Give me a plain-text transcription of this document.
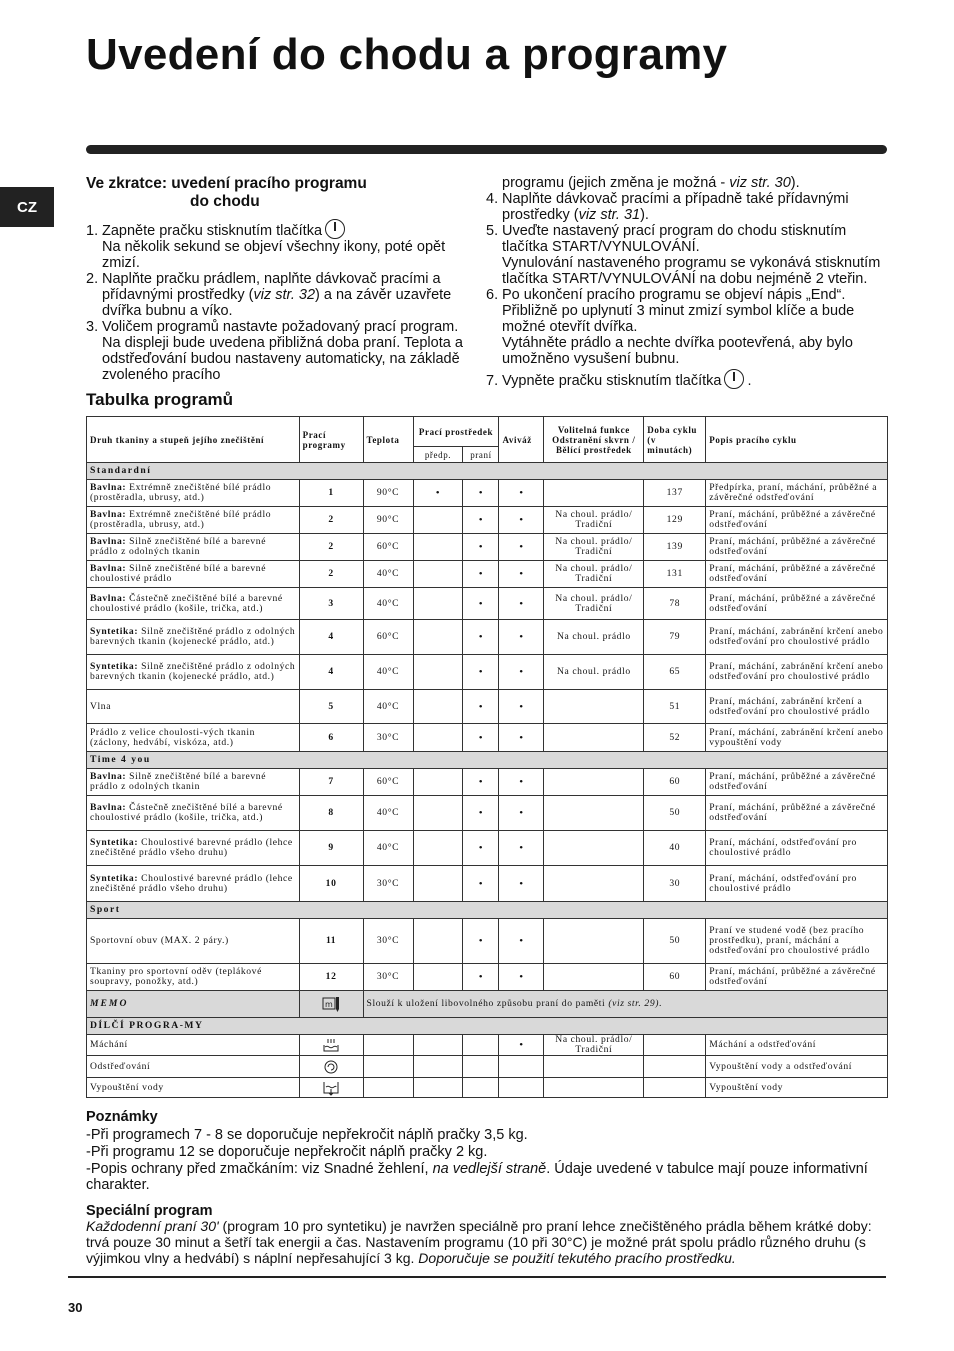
Uvedení do chodu a programy
CZ
Ve zkratce: uvedení pracího programu
do chodu
1. Zapněte pračku stisknutím tlačítka
Na několik sekund se objeví všechny ikony, poté opět zmizí.
2. Naplňte pračku prádlem, naplňte dávkovač pracími a přídavnými prostředky (viz str. 32) a na závěr uzavřete dvířka bubnu a víko.
3. Voličem programů nastavte požadovaný prací program. Na displeji bude uvedena přibližná doba praní. Teplota a odstřeďování budou nastaveny automaticky, na základě zvoleného pracího
programu (jejich změna je možná - viz str. 30).
4. Naplňte dávkovač pracími a případně také přídavnými prostředky (viz str. 31).
5. Uveďte nastavený prací program do chodu stisknutím tlačítka START/VYNULOVÁNÍ.
Vynulování nastaveného programu se vykonává stisknutím tlačítka START/VYNULOVÁNÍ na dobu nejméně 2 vteřin.
6. Po ukončení pracího programu se objeví nápis „End“. Přibližně po uplynutí 3 minut zmizí symbol klíče a bude možné otevřít dvířka.
Vytáhněte prádlo a nechte dvířka pootevřená, aby bylo umožněno vysušení bubnu.
7. Vypněte pračku stisknutím tlačítka .
Tabulka programů
Druh tkaniny a stupeň jejího znečištění	Prací programy	Teplota	Prací prostředek		Aviváž	Volitelná funkce Odstranění skvrn / Bělící prostředek	Doba cyklu (v minutách)	Popis pracího cyklu
			předp.	praní				
Standardní								
Bavlna: Extrémně znečištěné bílé prádlo (prostěradla, ubrusy, atd.)	1	90°C	•	•	•		137	Předpírka, praní, máchání, průběžné a závěrečné odstřeďování
Bavlna: Extrémně znečištěné bílé prádlo (prostěradla, ubrusy, atd.)	2	90°C		•	•	Na choul. prádlo/ Tradiční	129	Praní, máchání, průběžné a závěrečné odstřeďování
Bavlna: Silně znečištěné bílé a barevné prádlo z odolných tkanin	2	60°C		•	•	Na choul. prádlo/ Tradiční	139	Praní, máchání, průběžné a závěrečné odstřeďování
Bavlna: Silně znečištěné bílé a barevné choulostivé prádlo	2	40°C		•	•	Na choul. prádlo/ Tradiční	131	Praní, máchání, průběžné a závěrečné odstřeďování
Bavlna: Částečně znečištěné bílé a barevné choulostivé prádlo (košile, trička, atd.)	3	40°C		•	•	Na choul. prádlo/ Tradiční	78	Praní, máchání, průběžné a závěrečné odstřeďování
Syntetika: Silně znečištěné prádlo z odolných barevných tkanin (kojenecké prádlo, atd.)	4	60°C		•	•	Na choul. prádlo	79	Praní, máchání, zabránění krčení anebo odstřeďování pro choulostivé prádlo
Syntetika: Silně znečištěné prádlo z odolných barevných tkanin (kojenecké prádlo, atd.)	4	40°C		•	•	Na choul. prádlo	65	Praní, máchání, zabránění krčení anebo odstřeďování pro choulostivé prádlo
Vlna	5	40°C		•	•		51	Praní, máchání, zabránění krčení a odstřeďování pro choulostivé prádlo
Prádlo z velice choulosti-vých tkanin (záclony, hedvábí, viskóza, atd.)	6	30°C		•	•		52	Praní, máchání, zabránění krčení anebo vypouštění vody
Time 4 you								
Bavlna: Silně znečištěné bílé a barevné prádlo z odolných tkanin	7	60°C		•	•		60	Praní, máchání, průběžné a závěrečné odstřeďování
Bavlna: Částečně znečištěné bílé a barevné choulostivé prádlo (košile, trička, atd.)	8	40°C		•	•		50	Praní, máchání, průběžné a závěrečné odstřeďování
Syntetika: Choulostivé barevné prádlo (lehce znečištěné prádlo všeho druhu)	9	40°C		•	•		40	Praní, máchání, odstřeďování pro choulostivé prádlo
Syntetika: Choulostivé barevné prádlo (lehce znečištěné prádlo všeho druhu)	10	30°C		•	•		30	Praní, máchání, odstřeďování pro choulostivé prádlo
Sport								
Sportovní obuv (MAX. 2 páry.)	11	30°C		•	•		50	Praní ve studené vodě (bez pracího prostředku), praní, máchání a odstřeďování pro choulostivé prádlo
Tkaniny pro sportovní oděv (teplákové soupravy, ponožky, atd.)	12	30°C		•	•		60	Praní, máchání, průběžné a závěrečné odstřeďování
MEMO	m	Slouží k uložení libovolného způsobu praní do paměti (viz str. 29).						
DÍLČÍ PROGRA-MY								
Máchání					•	Na choul. prádlo/ Tradiční		Máchání a odstřeďování
Odstřeďování								Vypouštění vody a odstřeďování
Vypouštění vody								Vypouštění vody
Poznámky
-Při programech 7 - 8 se doporučuje nepřekročit náplň pračky 3,5 kg.
-Při programu 12 se doporučuje nepřekročit náplň pračky 2 kg.
-Popis ochrany před zmačkáním: viz Snadné žehlení, na vedlejší straně. Údaje uvedené v tabulce mají pouze informativní charakter.
Speciální program
Každodenní praní 30' (program 10 pro syntetiku) je navržen speciálně pro praní lehce znečištěného prádla během krátké doby: trvá pouze 30 minut a šetří tak energii a čas. Nastavením programu (10 při 30°C) je možné prát spolu prádlo různého druhu (s výjimkou vlny a hedvábí) s náplní nepřesahující 3 kg. Doporučuje se použití tekutého pracího prostředku.
30
